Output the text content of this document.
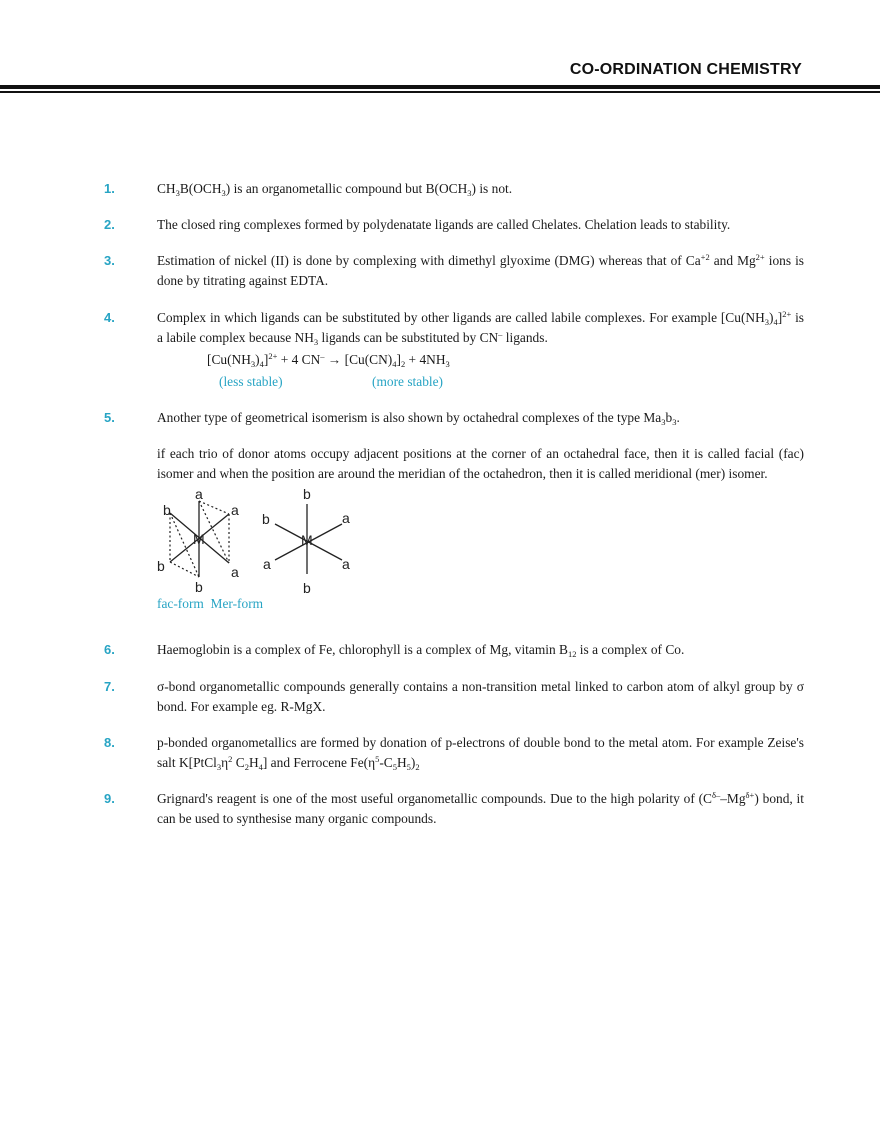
CO-ORDINATION CHEMISTRY
1.	$CH_3B(OCH_3)$ is an organometallic compound but $B(OCH_3)$ is not.

2.	The closed ring complexes formed by polydenatate ligands are called Chelates. Chelation leads to stability.
3.	Estimation of nickel (II) is done by complexing with dimethyl glyoxime (DMG) whereas that of $Ca^{+2}$ and $Mg^{2+}$ ions is done by titrating against EDTA.

4.	Complex in which ligands can be substituted by other ligands are called labile complexes. For example $[Cu(NH_3)_4]^{2+}$ is a labile complex because $NH_3$ ligands can be substituted by CN– ligands.

$[Cu(NH_3)_4]^{2+} + 4$ $CN^- \to [Cu(CN)_4]_2 + 4NH_3$
(less stable)	(more stable)
5.	Another type of geometrical isomerism is also shown by octahedral complexes of the type $Ma_3b_3$.

if each trio of donor atoms occupy adjacent positions at the corner of an octahedral face, then it is called facial (fac) isomer and when the position are around the meridian of the octahedron, then it is called meridional (mer) isomer.
a
b	a
M
b	a
b
b
b	a
M
a	a
b
fac-form Mer-form
6.	Haemoglobin is a complex of Fe, chlorophyll is a complex of Mg, vitamin $B_{12}$ is a complex of Co.

7.	σ-bond organometallic compounds generally contains a non-transition metal linked to carbon atom of alkyl group by σ bond. For example eg. R-MgX.
8.	p-bonded organometallics are formed by donation of p-electrons of double bond to the metal atom. For example Zeise's salt $K[PtCl_3\eta^2$ $C_2H_4$] and Ferrocene $Fe(\eta^5-C_5H_5)_2$

9.	Grignard's reagent is one of the most useful organometallic compounds. Due to the high polarity of $(C^{\delta-}-Mg^{\delta+})$ bond, it can be used to synthesise many organic compounds.
